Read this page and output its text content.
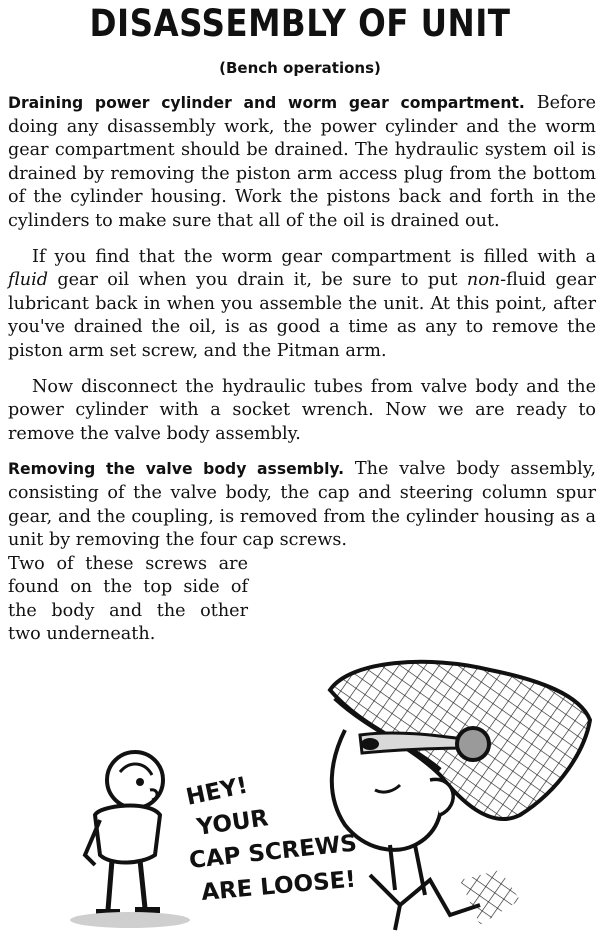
DISASSEMBLY OF UNIT
(Bench operations)

Draining power cylinder and worm gear compartment. Before doing any disassembly work, the power cylinder and the worm gear compartment should be drained. The hydraulic system oil is drained by removing the piston arm access plug from the bottom of the cylinder housing. Work the pistons back and forth in the cylinders to make sure that all of the oil is drained out.

If you find that the worm gear compartment is filled with a fluid gear oil when you drain it, be sure to put non-fluid gear lubricant back in when you assemble the unit. At this point, after you've drained the oil, is as good a time as any to remove the piston arm set screw, and the Pitman arm.

Now disconnect the hydraulic tubes from valve body and the power cylinder with a socket wrench. Now we are ready to remove the valve body assembly.

Removing the valve body assembly. The valve body assembly, consisting of the valve body, the cap and steering column spur gear, and the coupling, is removed from the cylinder housing as a unit by removing the four cap screws.

Two of these screws are found on the top side of the body and the other two underneath.

HEY!
YOUR
CAP SCREWS
ARE LOOSE!
